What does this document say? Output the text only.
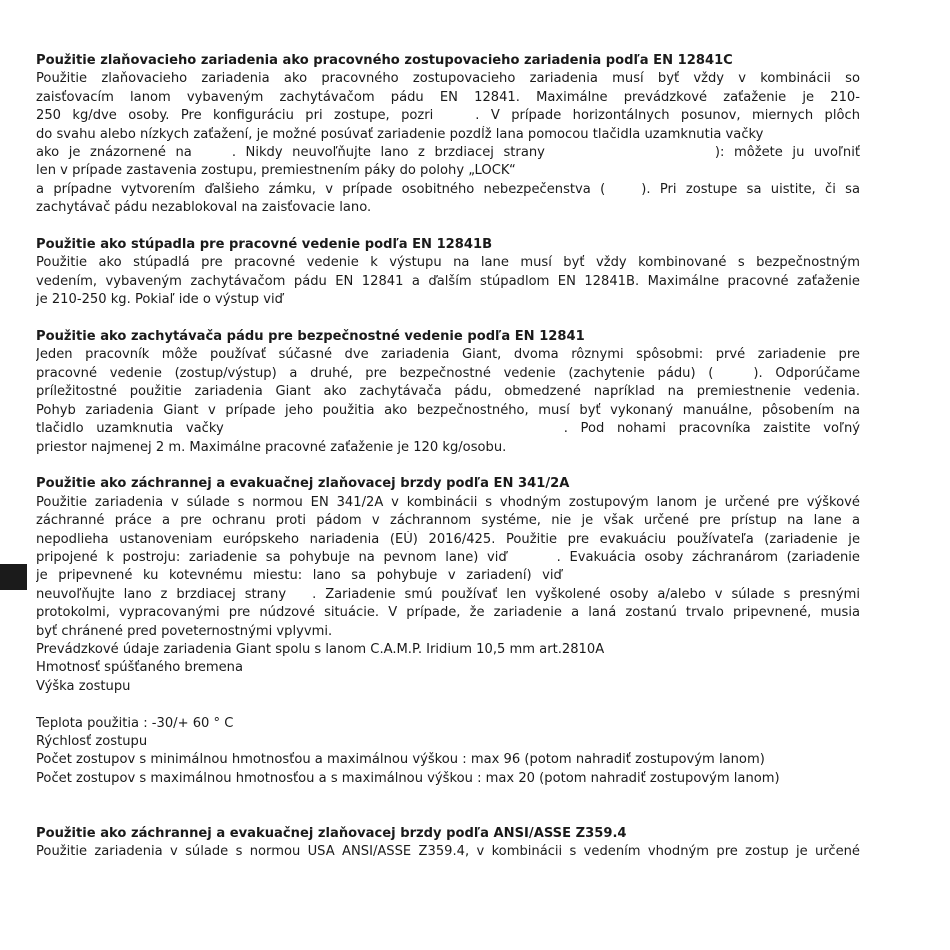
Použitie zlaňovacieho zariadenia ako pracovného zostupovacieho zariadenia podľa EN 12841C
Použitie zlaňovacieho zariadenia ako pracovného zostupovacieho zariadenia musí byť vždy v kombinácii so
zaisťovacím lanom vybaveným zachytávačom pádu EN 12841. Maximálne prevádzkové zaťaženie je 210-
250 kg/dve osoby. Pre konfiguráciu pri zostupe, pozri	. V prípade horizontálnych posunov, miernych plôch
do svahu alebo nízkych zaťažení, je možné posúvať zariadenie pozdĺž lana pomocou tlačidla uzamknutia vačky
ako je znázornené na	. Nikdy neuvoľňujte lano z brzdiacej strany	): môžete ju uvoľniť
len v prípade zastavenia zostupu, premiestnením páky do polohy „LOCK“
a prípadne vytvorením ďalšieho zámku, v prípade osobitného nebezpečenstva (	). Pri zostupe sa uistite, či sa
zachytávač pádu nezablokoval na zaisťovacie lano.
Použitie ako stúpadla pre pracovné vedenie podľa EN 12841B
Použitie ako stúpadlá pre pracovné vedenie k výstupu na lane musí byť vždy kombinované s bezpečnostným
vedením, vybaveným zachytávačom pádu EN 12841 a ďalším stúpadlom EN 12841B. Maximálne pracovné zaťaženie
je 210-250 kg. Pokiaľ ide o výstup viď
Použitie ako zachytávača pádu pre bezpečnostné vedenie podľa EN 12841
Jeden pracovník môže používať súčasné dve zariadenia Giant, dvoma rôznymi spôsobmi: prvé zariadenie pre
pracovné vedenie (zostup/výstup) a druhé, pre bezpečnostné vedenie (zachytenie pádu) (	). Odporúčame
príležitostné použitie zariadenia Giant ako zachytávača pádu, obmedzené napríklad na premiestnenie vedenia.
Pohyb zariadenia Giant v prípade jeho použitia ako bezpečnostného, musí byť vykonaný manuálne, pôsobením na
tlačidlo uzamknutia vačky	. Pod nohami pracovníka zaistite voľný
priestor najmenej 2 m. Maximálne pracovné zaťaženie je 120 kg/osobu.
Použitie ako záchrannej a evakuačnej zlaňovacej brzdy podľa EN 341/2A
Použitie zariadenia v súlade s normou EN 341/2A v kombinácii s vhodným zostupovým lanom je určené pre výškové
záchranné práce a pre ochranu proti pádom v záchrannom systéme, nie je však určené pre prístup na lane a
nepodlieha ustanoveniam európskeho nariadenia (EÚ) 2016/425. Použitie pre evakuáciu používateľa (zariadenie je
pripojené k postroju: zariadenie sa pohybuje na pevnom lane) viď	. Evakuácia osoby záchranárom (zariadenie
je pripevnené ku kotevnému miestu: lano sa pohybuje v zariadení) viď
neuvoľňujte lano z brzdiacej strany . Zariadenie smú používať len vyškolené osoby a/alebo v súlade s presnými
protokolmi, vypracovanými pre núdzové situácie. V prípade, že zariadenie a laná zostanú trvalo pripevnené, musia
byť chránené pred poveternostnými vplyvmi.
Prevádzkové údaje zariadenia Giant spolu s lanom C.A.M.P. Iridium 10,5 mm art.2810A
Hmotnosť spúšťaného bremena
Výška zostupu
Teplota použitia : -30/+ 60 ° C
Rýchlosť zostupu
Počet zostupov s minimálnou hmotnosťou a maximálnou výškou : max 96 (potom nahradiť zostupovým lanom)
Počet zostupov s maximálnou hmotnosťou a s maximálnou výškou : max 20 (potom nahradiť zostupovým lanom)
Použitie ako záchrannej a evakuačnej zlaňovacej brzdy podľa ANSI/ASSE Z359.4
Použitie zariadenia v súlade s normou USA ANSI/ASSE Z359.4, v kombinácii s vedením vhodným pre zostup je určené
